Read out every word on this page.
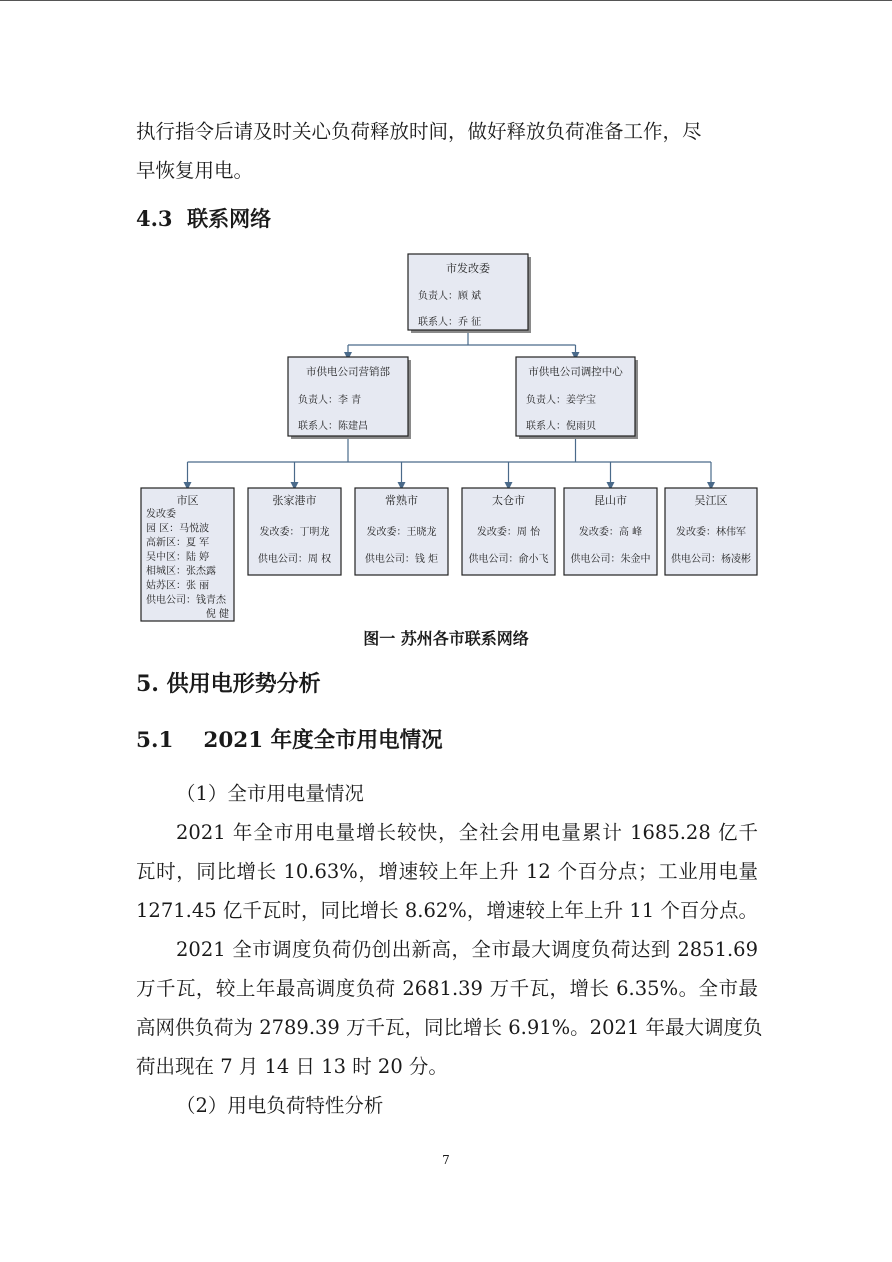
执行指令后请及时关心负荷释放时间，做好释放负荷准备工作，尽

早恢复用电。

4.3 联系网络
市发改委
负责人：顾 斌
联系人：乔 征
市供电公司营销部
负责人：李 青
联系人：陈建昌
市供电公司调控中心
负责人：姜学宝
联系人：倪雨贝
市区
发改委
园 区：马悦波
高新区：夏 军
吴中区：陆 婷
相城区：张杰露
姑苏区：张 丽
供电公司：钱青杰
倪 健
张家港市
发改委：丁明龙
供电公司：周 权
常熟市
发改委：王晓龙
供电公司：钱 炬
太仓市
发改委：周 怡
供电公司：俞小飞
昆山市
发改委：高 峰
供电公司：朱金中
吴江区
发改委：林伟军
供电公司：杨凌彬
图一 苏州各市联系网络
5. 供用电形势分析
5.1 2021 年度全市用电情况

（1）全市用电量情况

2021 年全市用电量增长较快，全社会用电量累计 1685.28 亿千

瓦时，同比增长 10.63%，增速较上年上升 12 个百分点；工业用电量

1271.45 亿千瓦时，同比增长 8.62%，增速较上年上升 11 个百分点。

2021 全市调度负荷仍创出新高，全市最大调度负荷达到 2851.69

万千瓦，较上年最高调度负荷 2681.39 万千瓦，增长 6.35%。全市最

高网供负荷为 2789.39 万千瓦，同比增长 6.91%。2021 年最大调度负

荷出现在 7 月 14 日 13 时 20 分。

（2）用电负荷特性分析

7
